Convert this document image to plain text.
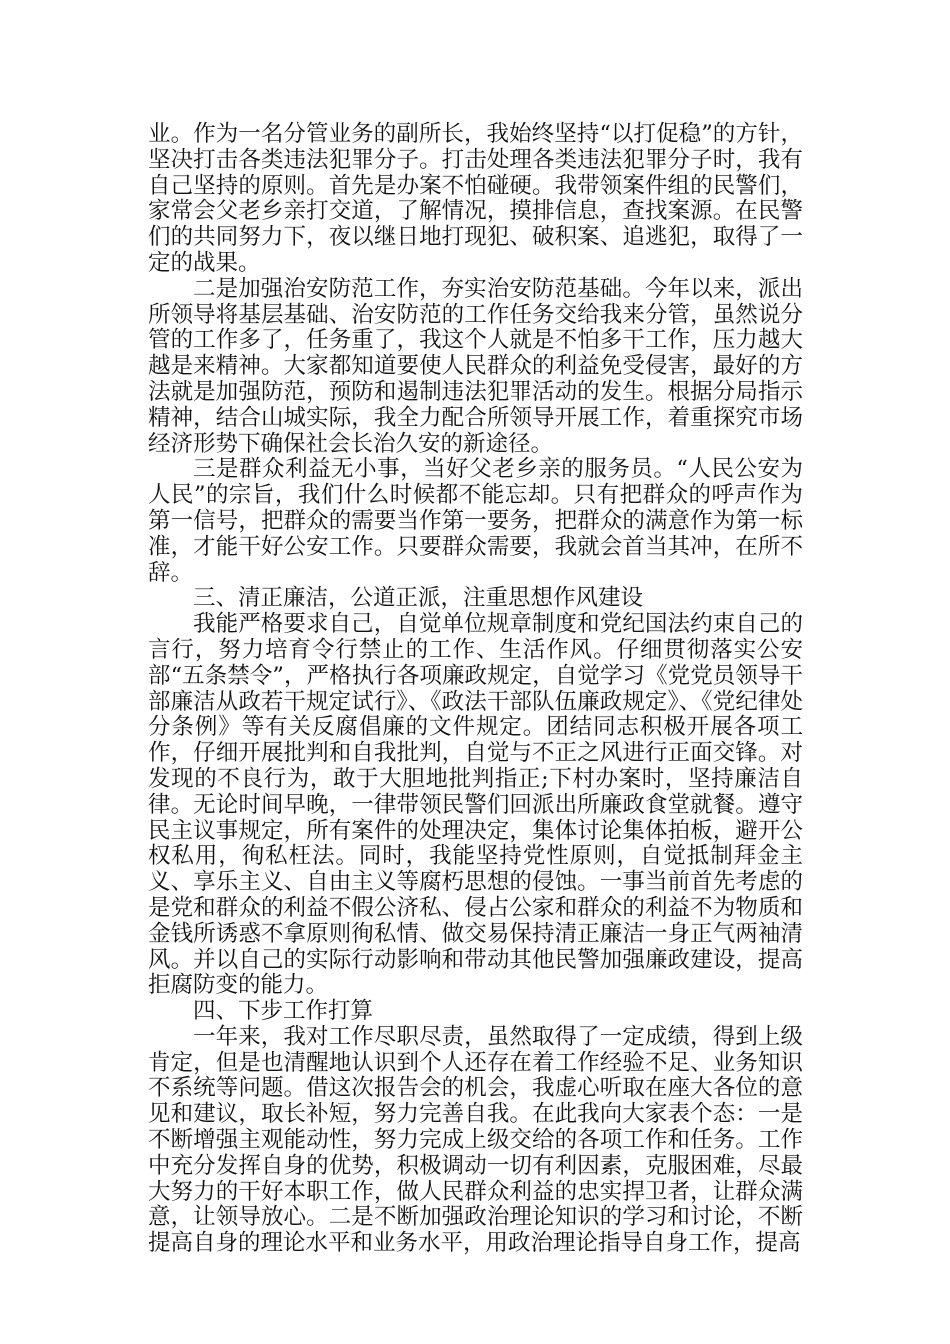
业。作为一名分管业务的副所长，我始终坚持“以打促稳”的方针，坚决打击各类违法犯罪分子。打击处理各类违法犯罪分子时，我有自己坚持的原则。首先是办案不怕碰硬。我带领案件组的民警们，家常会父老乡亲打交道，了解情况，摸排信息，查找案源。在民警们的共同努力下，夜以继日地打现犯、破积案、追逃犯，取得了一定的战果。

二是加强治安防范工作，夯实治安防范基础。今年以来，派出所领导将基层基础、治安防范的工作任务交给我来分管，虽然说分管的工作多了，任务重了，我这个人就是不怕多干工作，压力越大越是来精神。大家都知道要使人民群众的利益免受侵害，最好的方法就是加强防范，预防和遏制违法犯罪活动的发生。根据分局指示精神，结合山城实际，我全力配合所领导开展工作，着重探究市场经济形势下确保社会长治久安的新途径。

三是群众利益无小事，当好父老乡亲的服务员。“人民公安为人民”的宗旨，我们什么时候都不能忘却。只有把群众的呼声作为第一信号，把群众的需要当作第一要务，把群众的满意作为第一标准，才能干好公安工作。只要群众需要，我就会首当其冲，在所不辞。

三、清正廉洁，公道正派，注重思想作风建设

我能严格要求自己，自觉单位规章制度和党纪国法约束自己的言行，努力培育令行禁止的工作、生活作风。仔细贯彻落实公安部“五条禁令”，严格执行各项廉政规定，自觉学习《党党员领导干部廉洁从政若干规定试行》、《政法干部队伍廉政规定》、《党纪律处分条例》等有关反腐倡廉的文件规定。团结同志积极开展各项工作，仔细开展批判和自我批判，自觉与不正之风进行正面交锋。对发现的不良行为，敢于大胆地批判指正;下村办案时，坚持廉洁自律。无论时间早晚，一律带领民警们回派出所廉政食堂就餐。遵守民主议事规定，所有案件的处理决定，集体讨论集体拍板，避开公权私用，徇私枉法。同时，我能坚持党性原则，自觉抵制拜金主义、享乐主义、自由主义等腐朽思想的侵蚀。一事当前首先考虑的是党和群众的利益不假公济私、侵占公家和群众的利益不为物质和金钱所诱惑不拿原则徇私情、做交易保持清正廉洁一身正气两袖清风。并以自己的实际行动影响和带动其他民警加强廉政建设，提高拒腐防变的能力。

四、下步工作打算

一年来，我对工作尽职尽责，虽然取得了一定成绩，得到上级肯定，但是也清醒地认识到个人还存在着工作经验不足、业务知识不系统等问题。借这次报告会的机会，我虚心听取在座大各位的意见和建议，取长补短，努力完善自我。在此我向大家表个态：一是不断增强主观能动性，努力完成上级交给的各项工作和任务。工作中充分发挥自身的优势，积极调动一切有利因素，克服困难，尽最大努力的干好本职工作，做人民群众利益的忠实捍卫者，让群众满意，让领导放心。二是不断加强政治理论知识的学习和讨论，不断提高自身的理论水平和业务水平，用政治理论指导自身工作，提高
